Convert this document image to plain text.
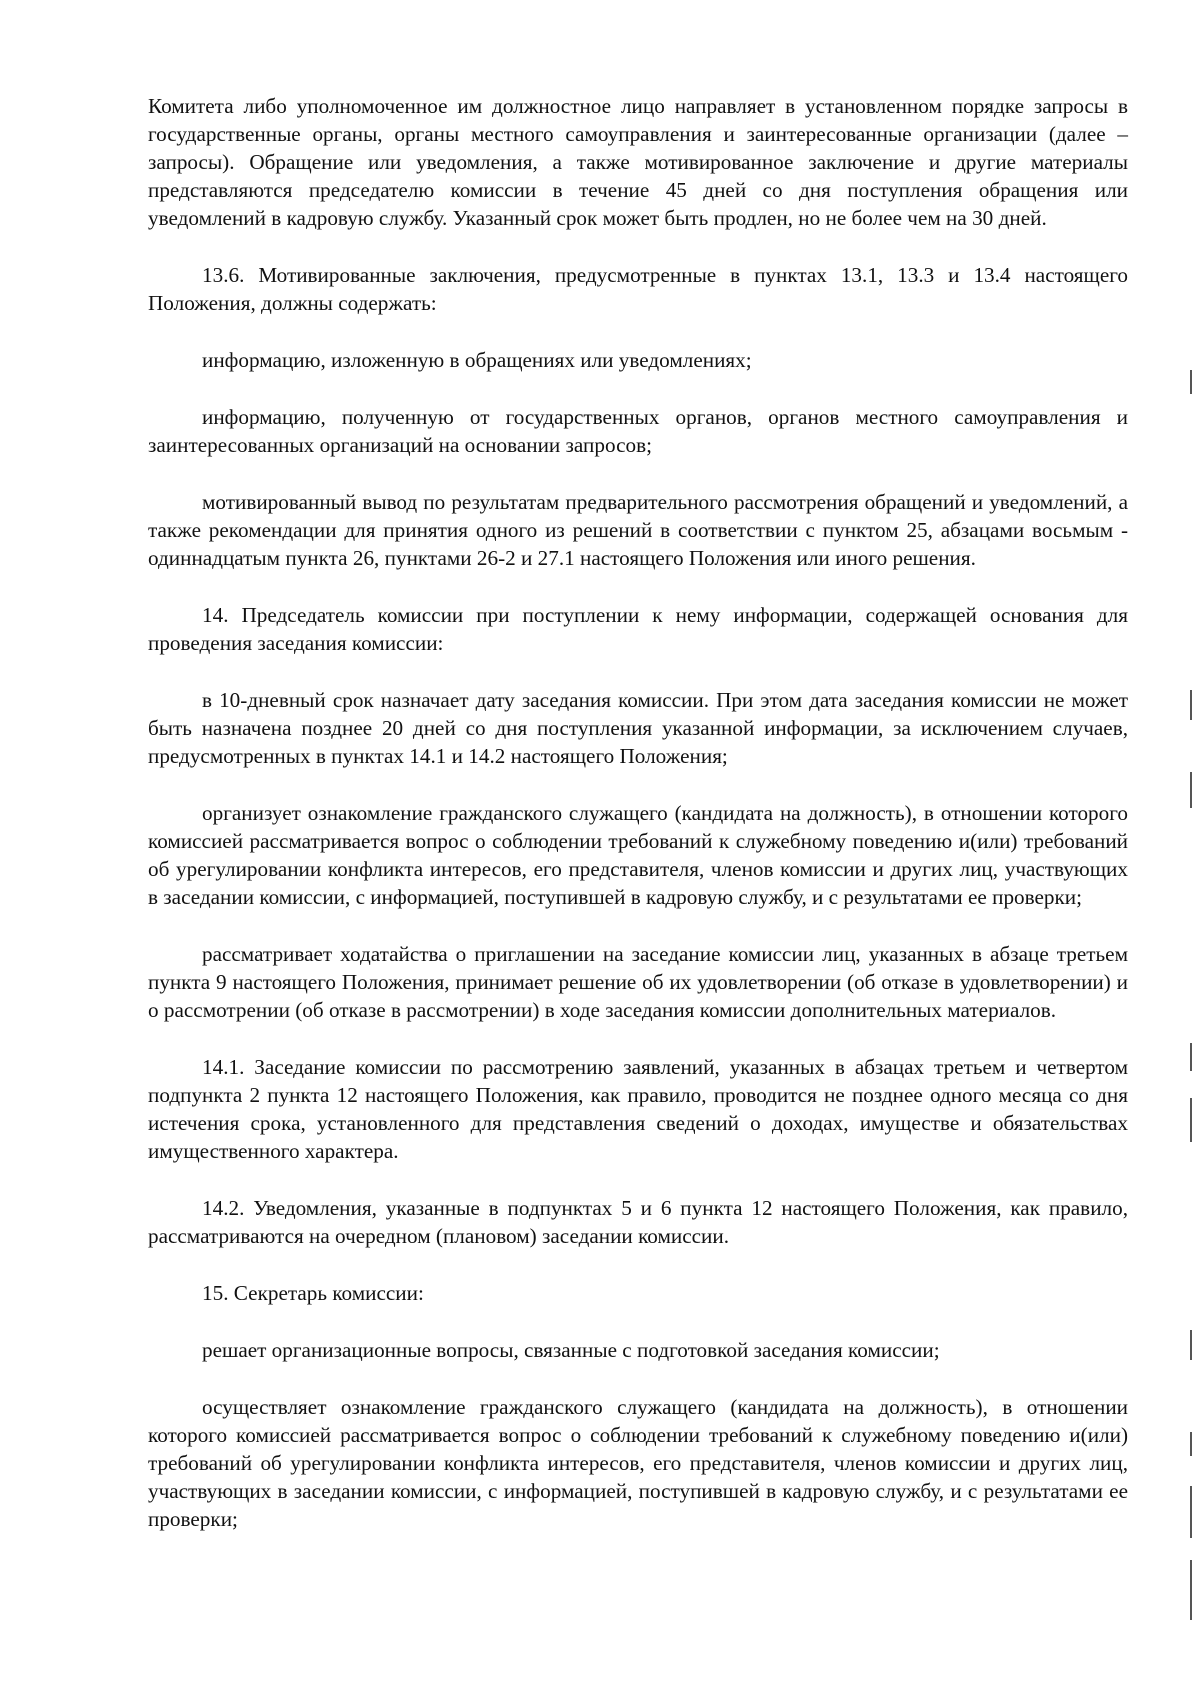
Комитета либо уполномоченное им должностное лицо направляет в установленном порядке запросы в государственные органы, органы местного самоуправления и заинтересованные организации (далее – запросы). Обращение или уведомления, а также мотивированное заключение и другие материалы представляются председателю комиссии в течение 45 дней со дня поступления обращения или уведомлений в кадровую службу. Указанный срок может быть продлен, но не более чем на 30 дней.

13.6. Мотивированные заключения, предусмотренные в пунктах 13.1, 13.3 и 13.4 настоящего Положения, должны содержать:

информацию, изложенную в обращениях или уведомлениях;

информацию, полученную от государственных органов, органов местного самоуправления и заинтересованных организаций на основании запросов;

мотивированный вывод по результатам предварительного рассмотрения обращений и уведомлений, а также рекомендации для принятия одного из решений в соответствии с пунктом 25, абзацами восьмым - одиннадцатым пункта 26, пунктами 26-2 и 27.1 настоящего Положения или иного решения.

14. Председатель комиссии при поступлении к нему информации, содержащей основания для проведения заседания комиссии:

в 10-дневный срок назначает дату заседания комиссии. При этом дата заседания комиссии не может быть назначена позднее 20 дней со дня поступления указанной информации, за исключением случаев, предусмотренных в пунктах 14.1 и 14.2 настоящего Положения;

организует ознакомление гражданского служащего (кандидата на должность), в отношении которого комиссией рассматривается вопрос о соблюдении требований к служебному поведению и(или) требований об урегулировании конфликта интересов, его представителя, членов комиссии и других лиц, участвующих в заседании комиссии, с информацией, поступившей в кадровую службу, и с результатами ее проверки;

рассматривает ходатайства о приглашении на заседание комиссии лиц, указанных в абзаце третьем пункта 9 настоящего Положения, принимает решение об их удовлетворении (об отказе в удовлетворении) и о рассмотрении (об отказе в рассмотрении) в ходе заседания комиссии дополнительных материалов.

14.1. Заседание комиссии по рассмотрению заявлений, указанных в абзацах третьем и четвертом подпункта 2 пункта 12 настоящего Положения, как правило, проводится не позднее одного месяца со дня истечения срока, установленного для представления сведений о доходах, имуществе и обязательствах имущественного характера.

14.2. Уведомления, указанные в подпунктах 5 и 6 пункта 12 настоящего Положения, как правило, рассматриваются на очередном (плановом) заседании комиссии.

15. Секретарь комиссии:

решает организационные вопросы, связанные с подготовкой заседания комиссии;

осуществляет ознакомление гражданского служащего (кандидата на должность), в отношении которого комиссией рассматривается вопрос о соблюдении требований к служебному поведению и(или) требований об урегулировании конфликта интересов, его представителя, членов комиссии и других лиц, участвующих в заседании комиссии, с информацией, поступившей в кадровую службу, и с результатами ее проверки;
